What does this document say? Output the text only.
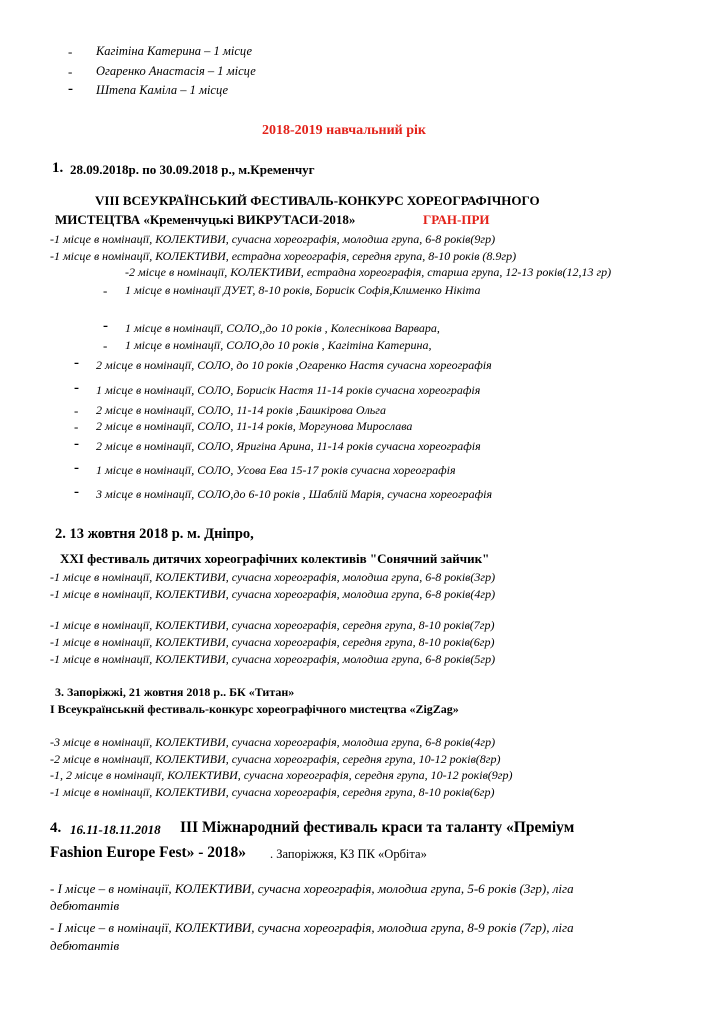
- Кагітіна Катерина – 1 місце
- Огаренко Анастасія – 1 місце
- Штепа Каміла – 1 місце
2018-2019 навчальний рік
1. 28.09.2018р. по 30.09.2018 р., м.Кременчуг
VIII ВСЕУКРАЇНСЬКИЙ ФЕСТИВАЛЬ-КОНКУРС ХОРЕОГРАФІЧНОГО
МИСТЕЦТВА «Кременчуцькі ВИКРУТАСИ-2018»	ГРАН-ПРИ
-1 місце в номінації, КОЛЕКТИВИ, сучасна хореографія, молодша група, 6-8 років(9гр)
-1 місце в номінації, КОЛЕКТИВИ, естрадна хореографія, середня група, 8-10 років (8.9гр)
-2 місце в номінації, КОЛЕКТИВИ, естрадна хореографія, старша група, 12-13 років(12,13 гр)
- 1 місце в номінації ДУЕТ, 8-10 років, Борисік Софія,Клименко Нікіта
- 1 місце в номінації, СОЛО,,до 10 років , Колеснікова Варвара,
- 1 місце в номінації, СОЛО,до 10 років , Кагітіна Катерина,
- 2 місце в номінації, СОЛО, до 10 років ,Огаренко Настя сучасна хореографія
- 1 місце в номінації, СОЛО, Борисік Настя 11-14 років сучасна хореографія
- 2 місце в номінації, СОЛО, 11-14 років ,Башкірова Ольга
- 2 місце в номінації, СОЛО, 11-14 років, Моргунова Мирослава
- 2 місце в номінації, СОЛО, Яригіна Арина, 11-14 років сучасна хореографія
- 1 місце в номінації, СОЛО, Усова Ева 15-17 років сучасна хореографія
- 3 місце в номінації, СОЛО,до 6-10 років , Шаблій Марія, сучасна хореографія
2. 13 жовтня 2018 р. м. Дніпро,
XXI фестиваль дитячих хореографічних колективів "Сонячний зайчик"
-1 місце в номінації, КОЛЕКТИВИ, сучасна хореографія, молодша група, 6-8 років(3гр)
-1 місце в номінації, КОЛЕКТИВИ, сучасна хореографія, молодша група, 6-8 років(4гр)
-1 місце в номінації, КОЛЕКТИВИ, сучасна хореографія, середня група, 8-10 років(7гр)
-1 місце в номінації, КОЛЕКТИВИ, сучасна хореографія, середня група, 8-10 років(6гр)
-1 місце в номінації, КОЛЕКТИВИ, сучасна хореографія, молодша група, 6-8 років(5гр)
3. Запоріжжі, 21 жовтня 2018 р.. БК «Титан»
І Всеукраїнськнй фестиваль-конкурс хореографічного мистецтва «ZigZag»
-3 місце в номінації, КОЛЕКТИВИ, сучасна хореографія, молодша група, 6-8 років(4гр)
-2 місце в номінації, КОЛЕКТИВИ, сучасна хореографія, середня група, 10-12 років(8гр)
-1, 2 місце в номінації, КОЛЕКТИВИ, сучасна хореографія, середня група, 10-12 років(9гр)
-1 місце в номінації, КОЛЕКТИВИ, сучасна хореографія, середня група, 8-10 років(6гр)
4. 16.11-18.11.2018 ІІІ Міжнародний фестиваль краси та таланту «Преміум
Fashion Europe Fest» - 2018» . Запоріжжя, КЗ ПК «Орбіта»
- І місце – в номінації, КОЛЕКТИВИ, сучасна хореографія, молодша група, 5-6 років (3гр), ліга
дебютантів
- І місце – в номінації, КОЛЕКТИВИ, сучасна хореографія, молодша група, 8-9 років (7гр), ліга
дебютантів
